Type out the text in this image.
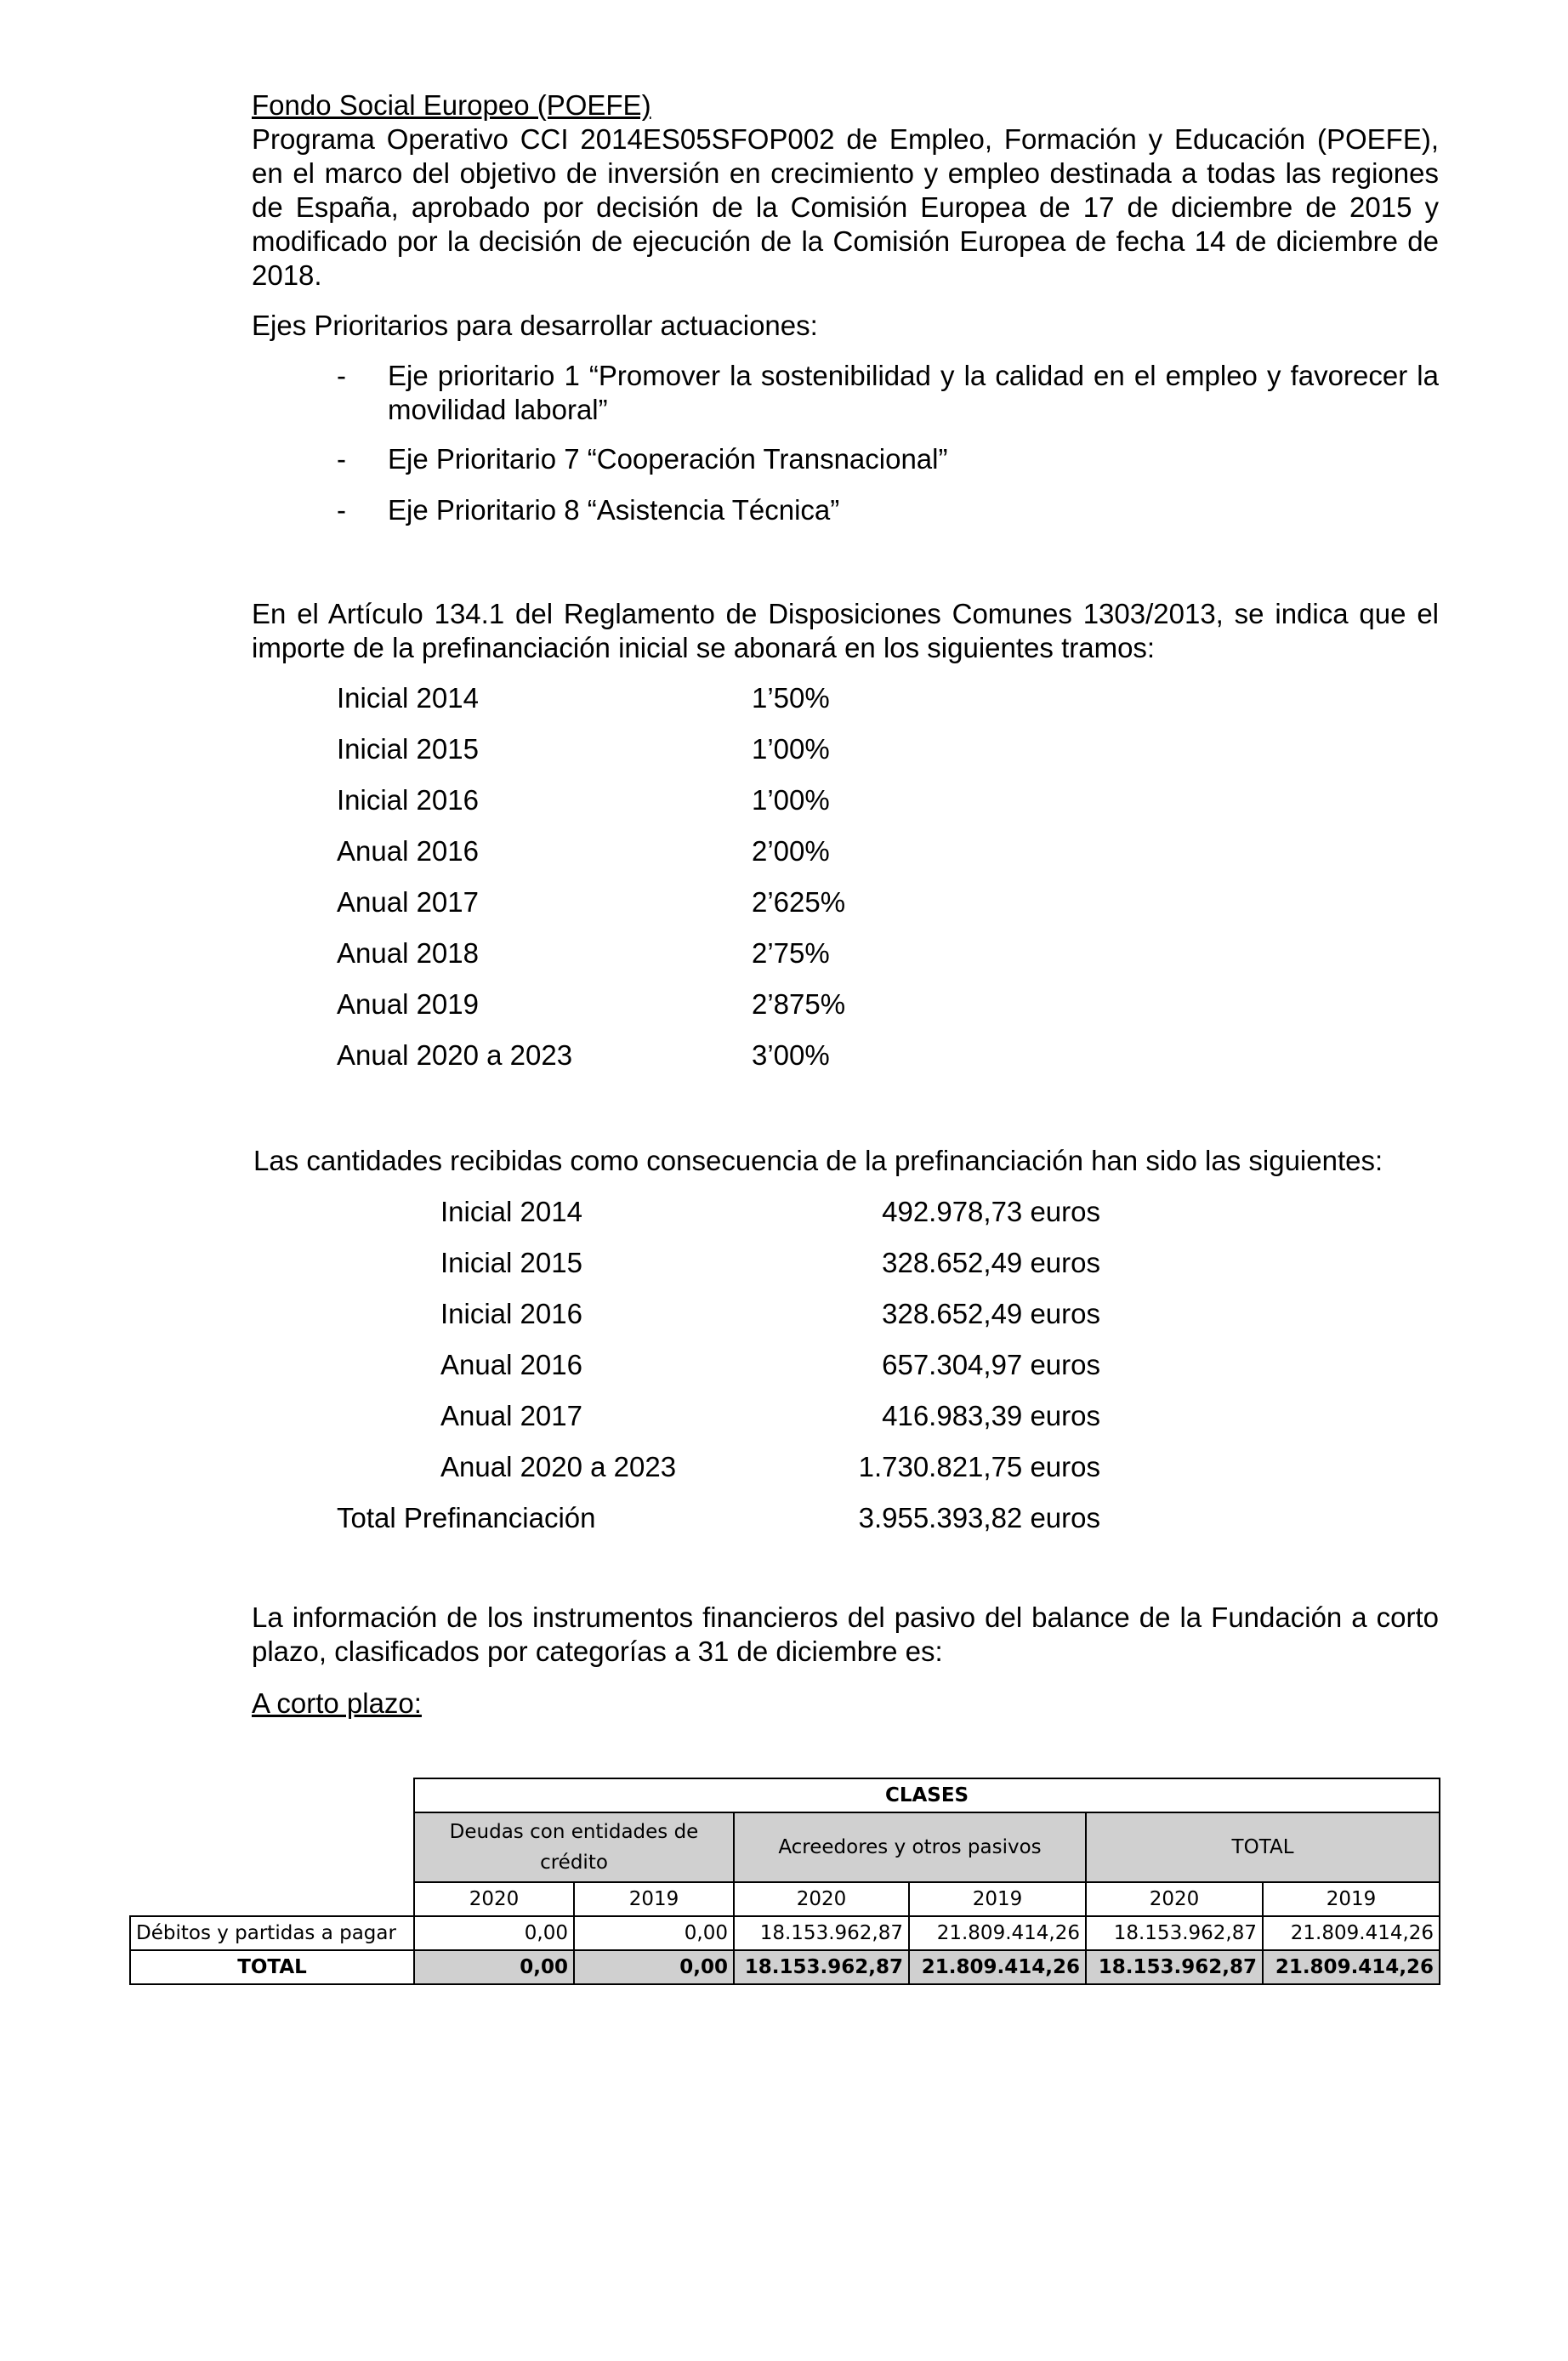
Fondo Social Europeo (POEFE)
Programa Operativo CCI 2014ES05SFOP002 de Empleo, Formación y Educación (POEFE), en el marco del objetivo de inversión en crecimiento y empleo destinada a todas las regiones de España, aprobado por decisión de la Comisión Europea de 17 de diciembre de 2015 y modificado por la decisión de ejecución de la Comisión Europea de fecha 14 de diciembre de 2018.
Ejes Prioritarios para desarrollar actuaciones:
- Eje prioritario 1 “Promover la sostenibilidad y la calidad en el empleo y favorecer la movilidad laboral”
- Eje Prioritario 7 “Cooperación Transnacional”
- Eje Prioritario 8 “Asistencia Técnica”
En el Artículo 134.1 del Reglamento de Disposiciones Comunes 1303/2013, se indica que el importe de la prefinanciación inicial se abonará en los siguientes tramos:
Inicial 2014	1’50%
Inicial 2015	1’00%
Inicial 2016	1’00%
Anual 2016	2’00%
Anual 2017	2’625%
Anual 2018	2’75%
Anual 2019	2’875%
Anual 2020 a 2023	3’00%
Las cantidades recibidas como consecuencia de la prefinanciación han sido las siguientes:
Inicial 2014	492.978,73 euros
Inicial 2015	328.652,49 euros
Inicial 2016	328.652,49 euros
Anual 2016	657.304,97 euros
Anual 2017	416.983,39 euros
Anual 2020 a 2023	1.730.821,75 euros
Total Prefinanciación	3.955.393,82 euros
La información de los instrumentos financieros del pasivo del balance de la Fundación a corto plazo, clasificados por categorías a 31 de diciembre es:
A corto plazo:
	CLASES					
	Deudas con entidades de crédito		Acreedores y otros pasivos		TOTAL	
	2020	2019	2020	2019	2020	2019
Débitos y partidas a pagar	0,00	0,00	18.153.962,87	21.809.414,26	18.153.962,87	21.809.414,26
TOTAL	0,00	0,00	18.153.962,87	21.809.414,26	18.153.962,87	21.809.414,26
